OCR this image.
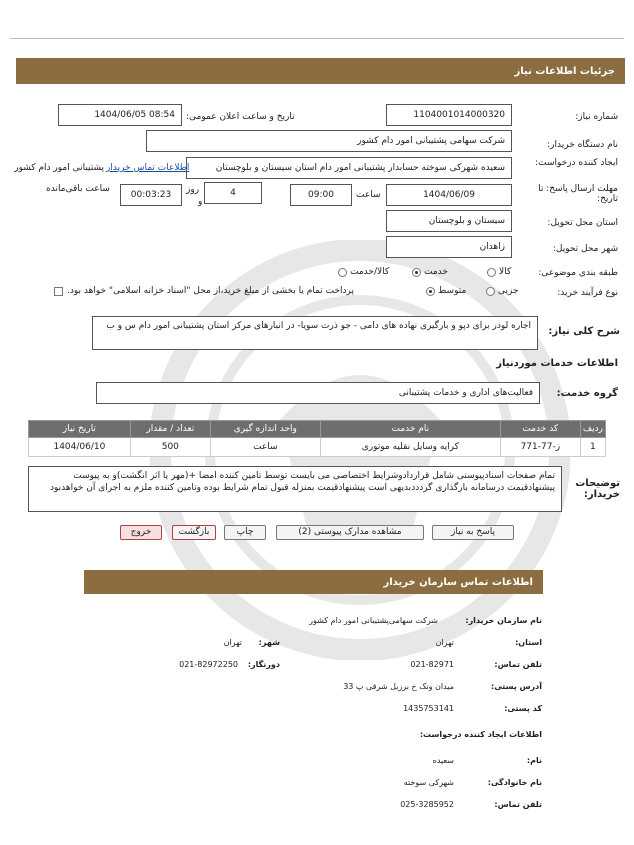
جزئیات اطلاعات نیاز
شماره نیاز:
1104001014000320
تاریخ و ساعت اعلان عمومی:
1404/06/05 08:54
نام دستگاه خریدار:
شرکت سهامی پشتیبانی امور دام کشور
ایجاد کننده درخواست:
سعیده شهرکی سوخته حسابدار پشتیبانی امور دام استان سیستان و بلوچستان
پشتیبانی امور دام کشور اطلاعات تماس خریدار
مهلت ارسال پاسخ: تا تاریخ:
1404/06/09
ساعت
09:00
4
روز
و
00:03:23
ساعت باقی‌مانده
استان محل تحویل:
سیستان و بلوچستان
شهر محل تحویل:
زاهدان
طبقه بندی موضوعی:
کالا
خدمت
کالا/خدمت
نوع فرآیند خرید:
جزیی
متوسط
پرداخت تمام یا بخشی از مبلغ خرید،از محل "اسناد خزانه اسلامی" خواهد بود.
شرح کلی نیاز:
اجاره لودر برای دپو و بارگیری نهاده های دامی - جو ذرت سویا- در انبارهای مرکز استان پشتیبانی امور دام س و ب
اطلاعات خدمات موردنیاز
گروه خدمت:
فعالیت‌های اداری و خدمات پشتیبانی
ردیف	کد خدمت	نام خدمت	واحد اندازه گیری	تعداد / مقدار	تاریخ نیاز
1	ز-77-771	کرایه وسایل نقلیه موتوری	ساعت	500	1404/06/10
توضیحات خریدار:
تمام صفحات اسنادپیوستی شامل قراردادوشرایط اختصاصی می بایست توسط تامین کننده امضا +(مهر یا اثر انگشت)و به پیوست پیشنهادقیمت درسامانه بارگذاری گردددبدیهی است پیشنهادقیمت بمنزله قبول تمام شرایط بوده وتامین کننده ملزم به اجرای آن خواهدبود
پاسخ به نیاز
مشاهده مدارک پیوستی (2)
چاپ
بازگشت
خروج
اطلاعات تماس سازمان خریدار
نام سازمان خریدار:
شرکت سهامی‌پشتیبانی امور دام کشور
استان:
تهران
شهر:
تهران
تلفن تماس:
021-82971
دورنگار:
021-82972250
آدرس پستی:
میدان ونک خ برزیل شرقی پ 33
کد پستی:
1435753141
اطلاعات ایجاد کننده درخواست:
نام:
سعیده
نام خانوادگی:
شهرکی سوخته
تلفن تماس:
025-3285952
